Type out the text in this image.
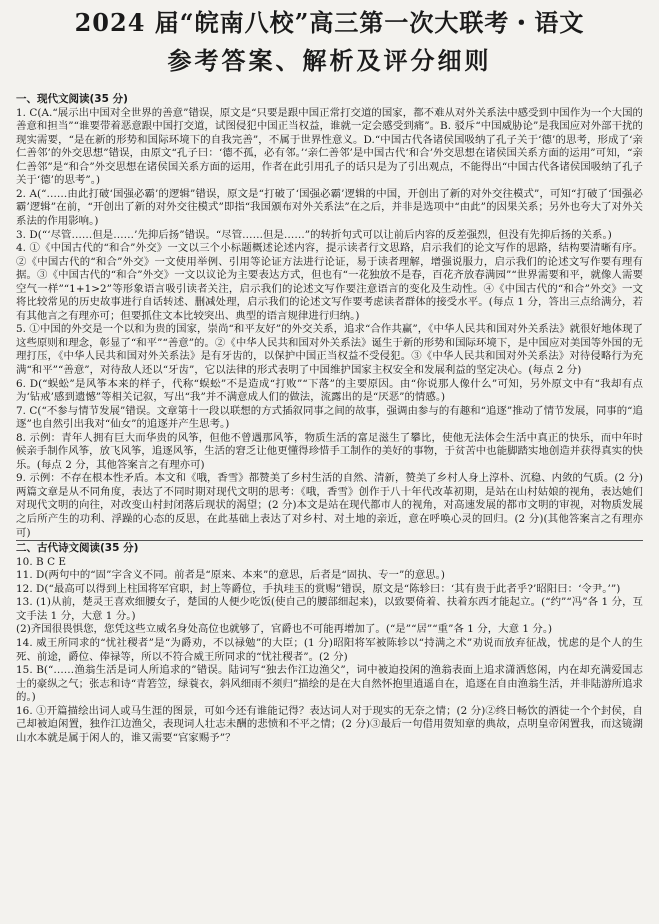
2024 届“皖南八校”高三第一次大联考・语文
参考答案、解析及评分细则
一、现代文阅读(35 分)

1. C(A.“展示出中国对全世界的善意”错误，原文是“只要是跟中国正常打交道的国家，都不难从对外关系法中感受到中国作为一个大国的善意和担当”“谁要带着恶意跟中国打交道，试图侵犯中国正当权益，谁就一定会感受到痛”。B. 驳斥“中国威胁论”是我国应对外部干扰的现实需要，“是在新的形势和国际环境下的自我完善”，不属于世界性意义。D.“中国古代各诸侯国吸纳了孔子关于‘德’的思考，形成了‘亲仁善邻’的外交思想”错误，由原文“孔子曰：‘德不孤，必有邻。’‘亲仁善邻’是中国古代‘和合’外交思想在诸侯国关系方面的运用”可知，“亲仁善邻”是“和合”外交思想在诸侯国关系方面的运用，作者在此引用孔子的话只是为了引出观点，不能得出“中国古代各诸侯国吸纳了孔子关于‘德’的思考”。)

2. A(“……由此打破‘国强必霸’的逻辑”错误，原文是“打破了‘国强必霸’逻辑的中国，开创出了新的对外交往模式”，可知“打破了‘国强必霸’逻辑”在前，“开创出了新的对外交往模式”即指“我国颁布对外关系法”在之后，并非是选项中“由此”的因果关系；另外也夸大了对外关系法的作用影响。)

3. D(“‘尽管……但是……’先抑后扬”错误。“尽管……但是……”的转折句式可以让前后内容的反差强烈，但没有先抑后扬的关系。)

4. ①《中国古代的“和合”外交》一文以三个小标题概述论述内容，提示读者行文思路，启示我们的论文写作的思路，结构要清晰有序。②《中国古代的“和合”外交》一文使用举例、引用等论证方法进行论证，易于读者理解，增强说服力，启示我们的论述文写作要有理有据。③《中国古代的“和合”外交》一文以议论为主要表达方式，但也有“一花独放不是春，百花齐放春满园”“世界需要和平，就像人需要空气一样”“1+1>2”等形象语言吸引读者关注，启示我们的论述文写作要注意语言的变化及生动性。④《中国古代的“和合”外交》一文将比较常见的历史故事进行自话转述、删减处理，启示我们的论述文写作要考虑读者群体的接受水平。(每点 1 分，答出三点给满分，若有其他言之有理亦可；但要抓住文本比较突出、典型的语言规律进行归纳。)

5. ①中国的外交是一个以和为贵的国家，崇尚“和平友好”的外交关系，追求“合作共赢”，《中华人民共和国对外关系法》就很好地体现了这些原则和理念，彰显了“和平”“善意”的。②《中华人民共和国对外关系法》诞生于新的形势和国际环境下，是中国应对美国等外国的无理打压，《中华人民共和国对外关系法》是有牙齿的，以保护中国正当权益不受侵犯。③《中华人民共和国对外关系法》对待侵略行为充满“和平”“善意”，对待敌人还以“牙齿”，它以法律的形式表明了中国维护国家主权安全和发展利益的坚定决心。(每点 2 分)

6. D(“蜈蚣”是风筝本来的样子，代称“蜈蚣”不是造成“打败”“下落”的主要原因。由“你说那人像什么”可知，另外原文中有“我却有点为‘钻戒’感到遗憾”等相关记叙，写出“我”并不满意成人们的做法，流露出的是“厌恶”的情感。)

7. C(“不参与情节发展”错误。文章第十一段以联想的方式插叙同事之间的故事，强调由参与的有趣和“追逐”推动了情节发展，同事的“追逐”也自然引出我对“仙女”的追逐并产生思考。)

8. 示例：青年人拥有巨大而华贵的风筝，但他不曾遇那风筝，物质生活的富足滋生了攀比，使他无法体会生活中真正的快乐，而中年时候亲手制作风筝，放飞风筝，追逐风筝，生活的窘乏让他更懂得珍惜手工制作的美好的事物，于贫苦中也能脚踏实地创造并获得真实的快乐。(每点 2 分，其他答案言之有理亦可)

9. 示例：不存在根本性矛盾。本文和《哦，香雪》都赞美了乡村生活的自然、清新，赞美了乡村人身上淳朴、沉稳、内敛的气质。(2 分)两篇文章是从不同角度，表达了不同时期对现代文明的思考：《哦，香雪》创作于八十年代改革初期，是站在山村姑娘的视角，表达她们对现代文明的向往，对改变山村封闭落后现状的渴望；(2 分)本文是站在现代都市人的视角，对高速发展的都市文明的审视，对物质发展之后所产生的功利、浮躁的心态的反思，在此基础上表达了对乡村、对土地的亲近，意在呼唤心灵的回归。(2 分)(其他答案言之有理亦可)

二、古代诗文阅读(35 分)

10. B C E

11. D(两句中的“固”字含义不同。前者是“原来、本来”的意思，后者是“固执、专一”的意思。)

12. D(“最高可以得到上柱国将军官职，封上等爵位，手执珪玉的赏赐”错误，原文是“陈轸曰：‘其有贵于此者乎?’昭阳曰：‘令尹。’”)

13. (1)从前，楚灵王喜欢细腰女子，楚国的人便少吃饭(使自己的腰部细起来)，以致要倚着、扶着东西才能起立。(“约”“冯”各 1 分，互文手法 1 分，大意 1 分。)
(2)齐国很畏惧您，您凭这些立威名身处高位也就够了，官爵也不可能再增加了。(“是”“居”“重”各 1 分，大意 1 分。)

14. 威王所同求的“忧社稷者”是“为爵劝，不以禄勉”的大臣；(1 分)昭阳将军被陈轸以“持满之术”劝说而放弃征战，忧虑的是个人的生死、前途，爵位、俸禄等，所以不符合威王所同求的“忧社稷者”。(2 分)

15. B(“……渔翁生活是词人所追求的”错误。陆词写“独去作江边渔父”，词中被迫投闲的渔翁表面上追求潇洒悠闲，内在却充满爱国志士的豪纵之气；张志和诗“青箬笠，绿蓑衣，斜风细雨不须归”描绘的是在大自然怀抱里逍遥自在，追逐在自由渔翁生活，并非陆游所追求的。)

16. ①开篇描绘出词人或马生涯的图景，可如今还有谁能记得？表达词人对于现实的无奈之情；(2 分)②终日畅饮的酒徒一个个封侯，自己却被迫闲置，独作江边渔父，表现词人壮志未酬的悲愤和不平之情；(2 分)③最后一句借用贺知章的典故，点明皇帝闲置我，而这镜湖山水本就是属于闲人的，谁又需要“官家赐予”？
